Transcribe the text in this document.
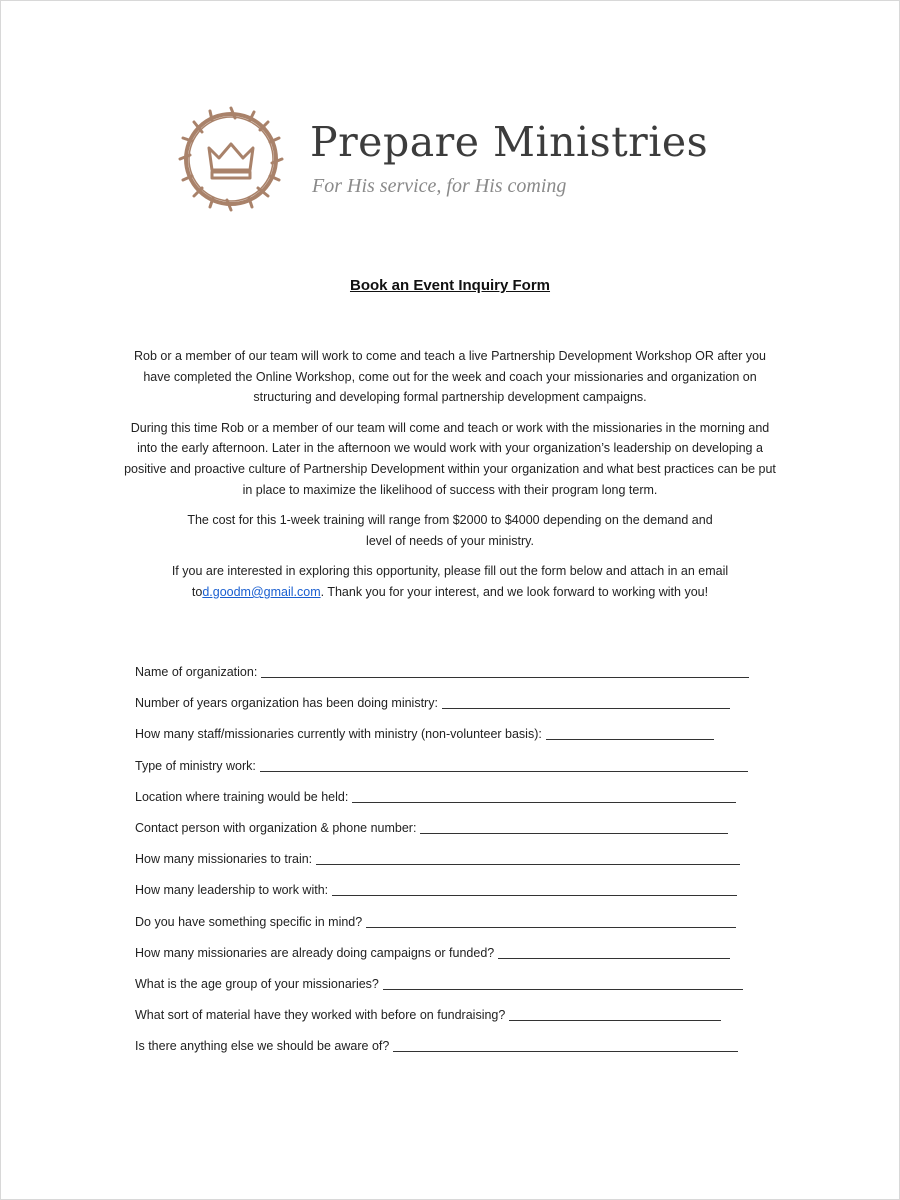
Prepare Ministries
For His service, for His coming
Book an Event Inquiry Form

Rob or a member of our team will work to come and teach a live Partnership Development Workshop OR after you have completed the Online Workshop, come out for the week and coach your missionaries and organization on structuring and developing formal partnership development campaigns.

During this time Rob or a member of our team will come and teach or work with the missionaries in the morning and into the early afternoon. Later in the afternoon we would work with your organization’s leadership on developing a positive and proactive culture of Partnership Development within your organization and what best practices can be put in place to maximize the likelihood of success with their program long term.

The cost for this 1-week training will range from $2000 to $4000 depending on the demand and level of needs of your ministry.

If you are interested in exploring this opportunity, please fill out the form below and attach in an email tod.goodm@gmail.com. Thank you for your interest, and we look forward to working with you!

Name of organization:
Number of years organization has been doing ministry:
How many staff/missionaries currently with ministry (non-volunteer basis):
Type of ministry work:
Location where training would be held:
Contact person with organization & phone number:
How many missionaries to train:
How many leadership to work with:
Do you have something specific in mind?
How many missionaries are already doing campaigns or funded?
What is the age group of your missionaries?
What sort of material have they worked with before on fundraising?
Is there anything else we should be aware of?
